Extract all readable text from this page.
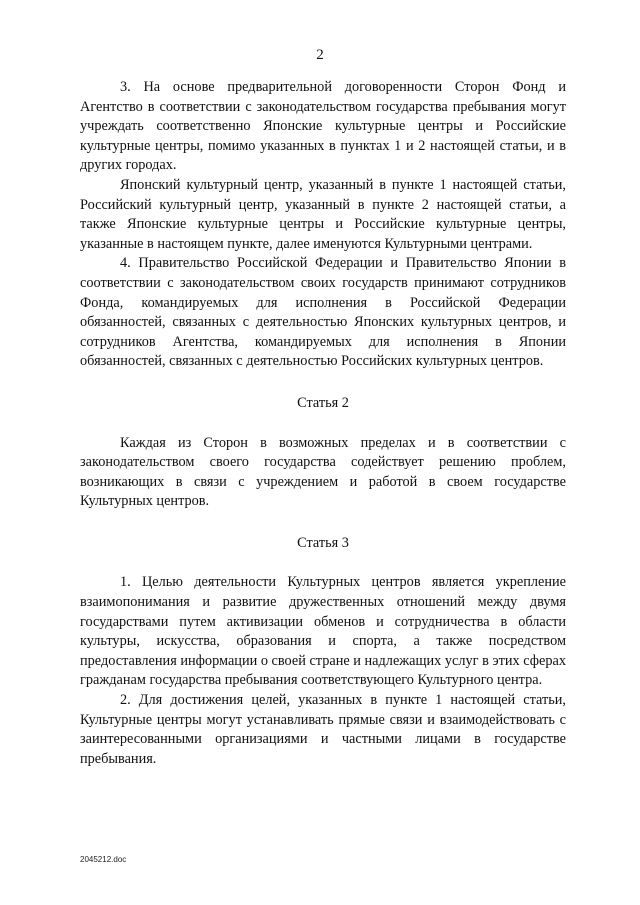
2

3. На основе предварительной договоренности Сторон Фонд и Агентство в соответствии с законодательством государства пребывания могут учреждать соответственно Японские культурные центры и Российские культурные центры, помимо указанных в пунктах 1 и 2 настоящей статьи, и в других городах.

Японский культурный центр, указанный в пункте 1 настоящей статьи, Российский культурный центр, указанный в пункте 2 настоящей статьи, а также Японские культурные центры и Российские культурные центры, указанные в настоящем пункте, далее именуются Культурными центрами.

4. Правительство Российской Федерации и Правительство Японии в соответствии с законодательством своих государств принимают сотрудников Фонда, командируемых для исполнения в Российской Федерации обязанностей, связанных с деятельностью Японских культурных центров, и сотрудников Агентства, командируемых для исполнения в Японии обязанностей, связанных с деятельностью Российских культурных центров.

Статья 2

Каждая из Сторон в возможных пределах и в соответствии с законодательством своего государства содействует решению проблем, возникающих в связи с учреждением и работой в своем государстве Культурных центров.

Статья 3

1. Целью деятельности Культурных центров является укрепление взаимопонимания и развитие дружественных отношений между двумя государствами путем активизации обменов и сотрудничества в области культуры, искусства, образования и спорта, а также посредством предоставления информации о своей стране и надлежащих услуг в этих сферах гражданам государства пребывания соответствующего Культурного центра.

2. Для достижения целей, указанных в пункте 1 настоящей статьи, Культурные центры могут устанавливать прямые связи и взаимодействовать с заинтересованными организациями и частными лицами в государстве пребывания.

2045212.doc
